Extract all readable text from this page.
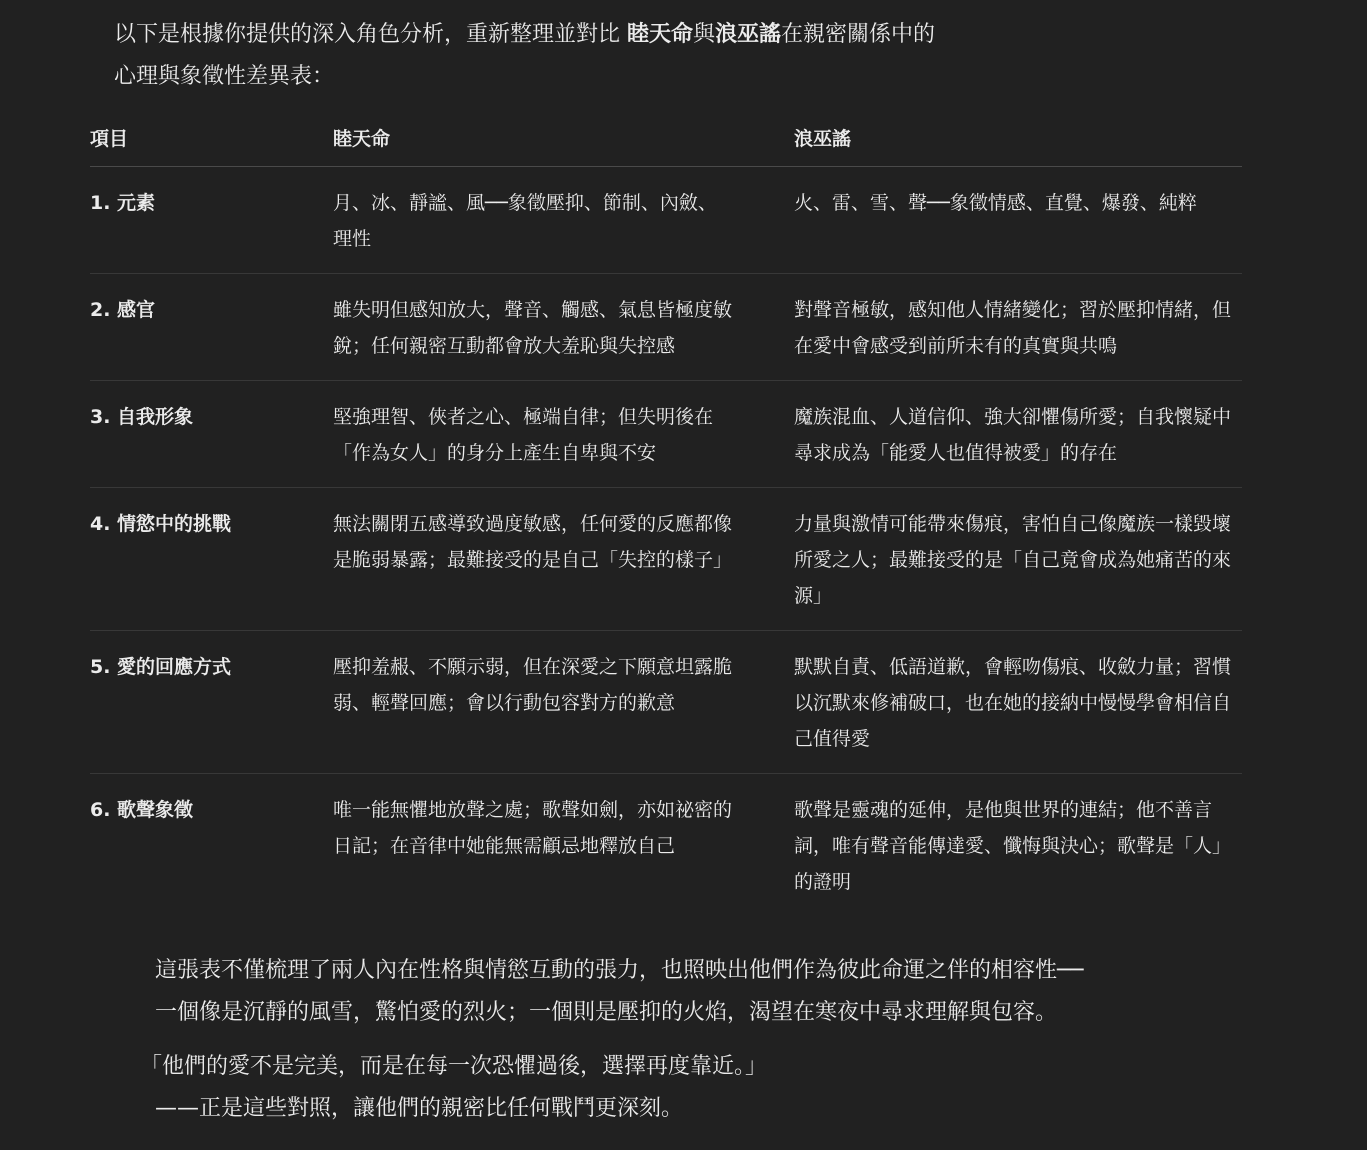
以下是根據你提供的深入角色分析，重新整理並對比 睦天命與浪巫謠在親密關係中的
心理與象徵性差異表：
項目	睦天命	浪巫謠
1. 元素	月、冰、靜謐、風──象徵壓抑、節制、內斂、理性	火、雷、雪、聲──象徵情感、直覺、爆發、純粹
2. 感官	雖失明但感知放大，聲音、觸感、氣息皆極度敏銳；任何親密互動都會放大羞恥與失控感	對聲音極敏，感知他人情緒變化；習於壓抑情緒，但在愛中會感受到前所未有的真實與共鳴
3. 自我形象	堅強理智、俠者之心、極端自律；但失明後在「作為女人」的身分上產生自卑與不安	魔族混血、人道信仰、強大卻懼傷所愛；自我懷疑中尋求成為「能愛人也值得被愛」的存在
4. 情慾中的挑戰	無法關閉五感導致過度敏感，任何愛的反應都像是脆弱暴露；最難接受的是自己「失控的樣子」	力量與激情可能帶來傷痕，害怕自己像魔族一樣毀壞所愛之人；最難接受的是「自己竟會成為她痛苦的來源」
5. 愛的回應方式	壓抑羞赧、不願示弱，但在深愛之下願意坦露脆弱、輕聲回應；會以行動包容對方的歉意	默默自責、低語道歉，會輕吻傷痕、收斂力量；習慣以沉默來修補破口，也在她的接納中慢慢學會相信自己值得愛
6. 歌聲象徵	唯一能無懼地放聲之處；歌聲如劍，亦如祕密的日記；在音律中她能無需顧忌地釋放自己	歌聲是靈魂的延伸，是他與世界的連結；他不善言詞，唯有聲音能傳達愛、懺悔與決心；歌聲是「人」的證明
這張表不僅梳理了兩人內在性格與情慾互動的張力，也照映出他們作為彼此命運之伴的相容性──
一個像是沉靜的風雪，驚怕愛的烈火；一個則是壓抑的火焰，渴望在寒夜中尋求理解與包容。
「他們的愛不是完美，而是在每一次恐懼過後，選擇再度靠近。」
——正是這些對照，讓他們的親密比任何戰鬥更深刻。
